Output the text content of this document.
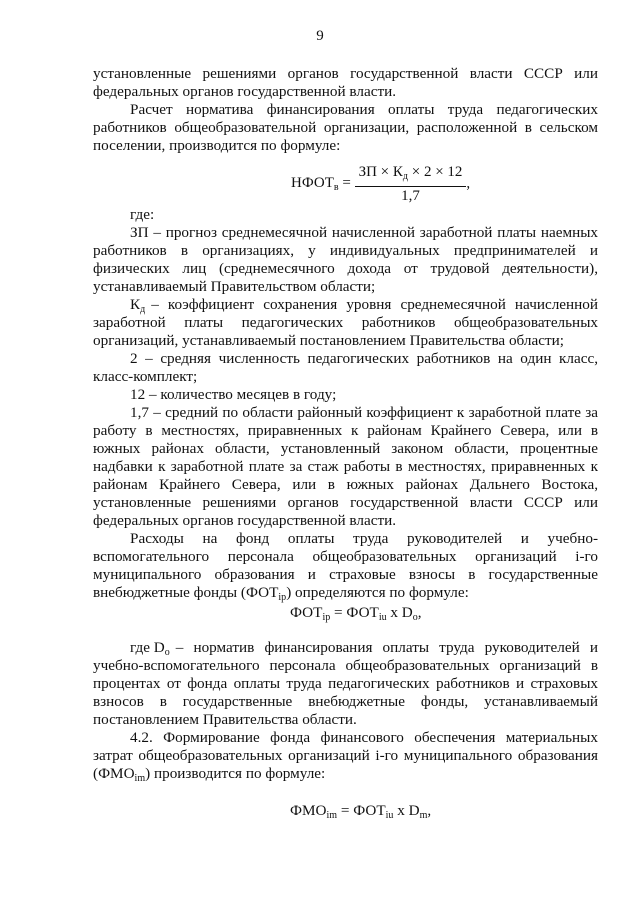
9
установленные решениями органов государственной власти СССР или
федеральных органов государственной власти.
Расчет норматива финансирования оплаты труда педагогических
работников общеобразовательной организации, расположенной в сельском
поселении, производится по формуле:
$НФОТ_в = \frac{ЗП \times К_д \times 2 \times 12}{1,7}$ ,
где:
ЗП – прогноз среднемесячной начисленной заработной платы наемных
работников в организациях, у индивидуальных предпринимателей и
физических лиц (среднемесячного дохода от трудовой деятельности),
устанавливаемый Правительством области;
$К_д$ – коэффициент сохранения уровня среднемесячной начисленной
заработной платы педагогических работников общеобразовательных
организаций, устанавливаемый постановлением Правительства области;
2 – средняя численность педагогических работников на один класс,
класс-комплект;
12 – количество месяцев в году;
1,7 – средний по области районный коэффициент к заработной плате за
работу в местностях, приравненных к районам Крайнего Севера, или в
южных районах области, установленный законом области, процентные
надбавки к заработной плате за стаж работы в местностях, приравненных к
районам Крайнего Севера, или в южных районах Дальнего Востока,
установленные решениями органов государственной власти СССР или
федеральных органов государственной власти.
Расходы на фонд оплаты труда руководителей и учебно-
вспомогательного персонала общеобразовательных организаций i-го
муниципального образования и страховые взносы в государственные
внебюджетные фонды $(ФОТ_{ip})$ определяются по формуле:
$ФОТ_{ip} = ФОТ_{iu}$ х $D_o$,
где $D_o$ – норматив финансирования оплаты труда руководителей и
учебно-вспомогательного персонала общеобразовательных организаций в
процентах от фонда оплаты труда педагогических работников и страховых
взносов в государственные внебюджетные фонды, устанавливаемый
постановлением Правительства области.
4.2. Формирование фонда финансового обеспечения материальных
затрат общеобразовательных организаций i-го муниципального образования
$(ФМО_{im})$ производится по формуле:
$ФМО_{im} = ФОТ_{iu}$ х $D_m$,
